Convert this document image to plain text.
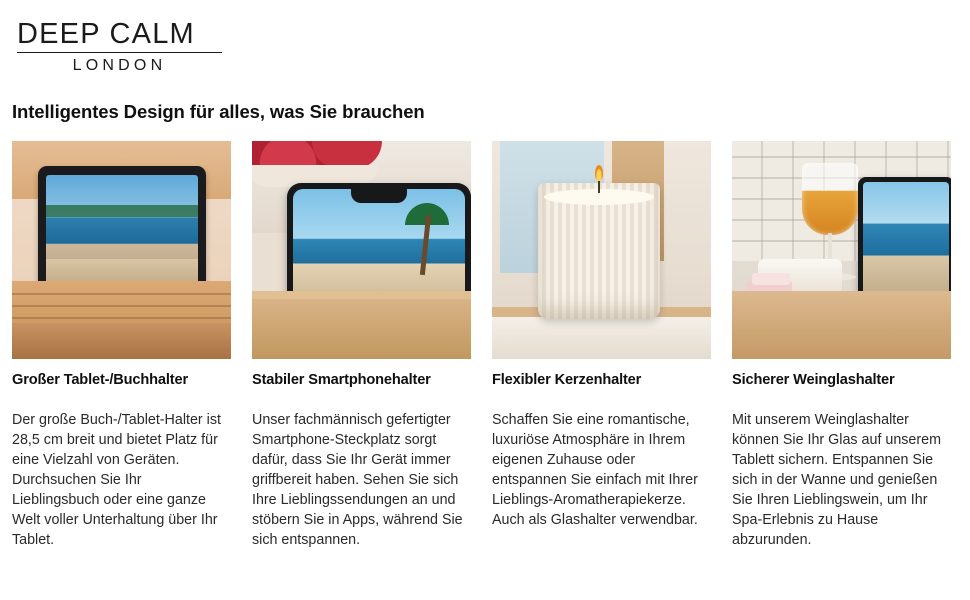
DEEP CALM
LONDON
Intelligentes Design für alles, was Sie brauchen
Großer Tablet-/Buchhalter
Der große Buch-/Tablet-Halter ist 28,5 cm breit und bietet Platz für eine Vielzahl von Geräten. Durchsuchen Sie Ihr Lieblingsbuch oder eine ganze Welt voller Unterhaltung über Ihr Tablet.
Stabiler Smartphonehalter
Unser fachmännisch gefertigter Smartphone-Steckplatz sorgt dafür, dass Sie Ihr Gerät immer griffbereit haben. Sehen Sie sich Ihre Lieblingssendungen an und stöbern Sie in Apps, während Sie sich entspannen.
Flexibler Kerzenhalter
Schaffen Sie eine romantische, luxuriöse Atmosphäre in Ihrem eigenen Zuhause oder entspannen Sie einfach mit Ihrer Lieblings-Aromatherapiekerze. Auch als Glashalter verwendbar.
Sicherer Weinglashalter
Mit unserem Weinglashalter können Sie Ihr Glas auf unserem Tablett sichern. Entspannen Sie sich in der Wanne und genießen Sie Ihren Lieblingswein, um Ihr Spa-Erlebnis zu Hause abzurunden.
